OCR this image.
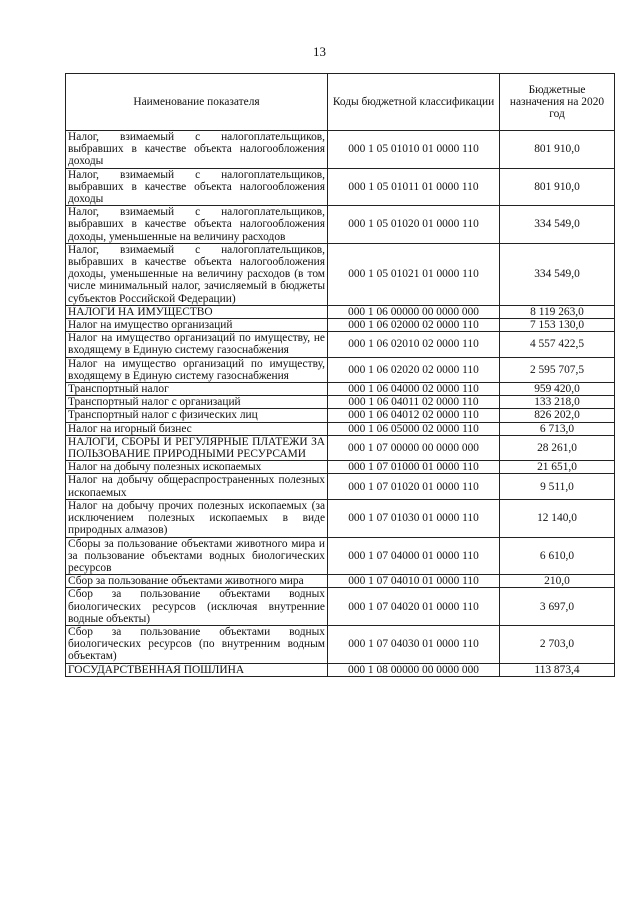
13
Наименование показателя	Коды бюджетной классификации	Бюджетные назначения на 2020 год
Налог, взимаемый с налогоплательщиков, выбравших в качестве объекта налогообложения доходы	000 1 05 01010 01 0000 110	801 910,0
Налог, взимаемый с налогоплательщиков, выбравших в качестве объекта налогообложения доходы	000 1 05 01011 01 0000 110	801 910,0
Налог, взимаемый с налогоплательщиков, выбравших в качестве объекта налогообложения доходы, уменьшенные на величину расходов	000 1 05 01020 01 0000 110	334 549,0
Налог, взимаемый с налогоплательщиков, выбравших в качестве объекта налогообложения доходы, уменьшенные на величину расходов (в том числе минимальный налог, зачисляемый в бюджеты субъектов Российской Федерации)	000 1 05 01021 01 0000 110	334 549,0
НАЛОГИ НА ИМУЩЕСТВО	000 1 06 00000 00 0000 000	8 119 263,0
Налог на имущество организаций	000 1 06 02000 02 0000 110	7 153 130,0
Налог на имущество организаций по имуществу, не входящему в Единую систему газоснабжения	000 1 06 02010 02 0000 110	4 557 422,5
Налог на имущество организаций по имуществу, входящему в Единую систему газоснабжения	000 1 06 02020 02 0000 110	2 595 707,5
Транспортный налог	000 1 06 04000 02 0000 110	959 420,0
Транспортный налог с организаций	000 1 06 04011 02 0000 110	133 218,0
Транспортный налог с физических лиц	000 1 06 04012 02 0000 110	826 202,0
Налог на игорный бизнес	000 1 06 05000 02 0000 110	6 713,0
НАЛОГИ, СБОРЫ И РЕГУЛЯРНЫЕ ПЛАТЕЖИ ЗА ПОЛЬЗОВАНИЕ ПРИРОДНЫМИ РЕСУРСАМИ	000 1 07 00000 00 0000 000	28 261,0
Налог на добычу полезных ископаемых	000 1 07 01000 01 0000 110	21 651,0
Налог на добычу общераспространенных полезных ископаемых	000 1 07 01020 01 0000 110	9 511,0
Налог на добычу прочих полезных ископаемых (за исключением полезных ископаемых в виде природных алмазов)	000 1 07 01030 01 0000 110	12 140,0
Сборы за пользование объектами животного мира и за пользование объектами водных биологических ресурсов	000 1 07 04000 01 0000 110	6 610,0
Сбор за пользование объектами животного мира	000 1 07 04010 01 0000 110	210,0
Сбор за пользование объектами водных биологических ресурсов (исключая внутренние водные объекты)	000 1 07 04020 01 0000 110	3 697,0
Сбор за пользование объектами водных биологических ресурсов (по внутренним водным объектам)	000 1 07 04030 01 0000 110	2 703,0
ГОСУДАРСТВЕННАЯ ПОШЛИНА	000 1 08 00000 00 0000 000	113 873,4
